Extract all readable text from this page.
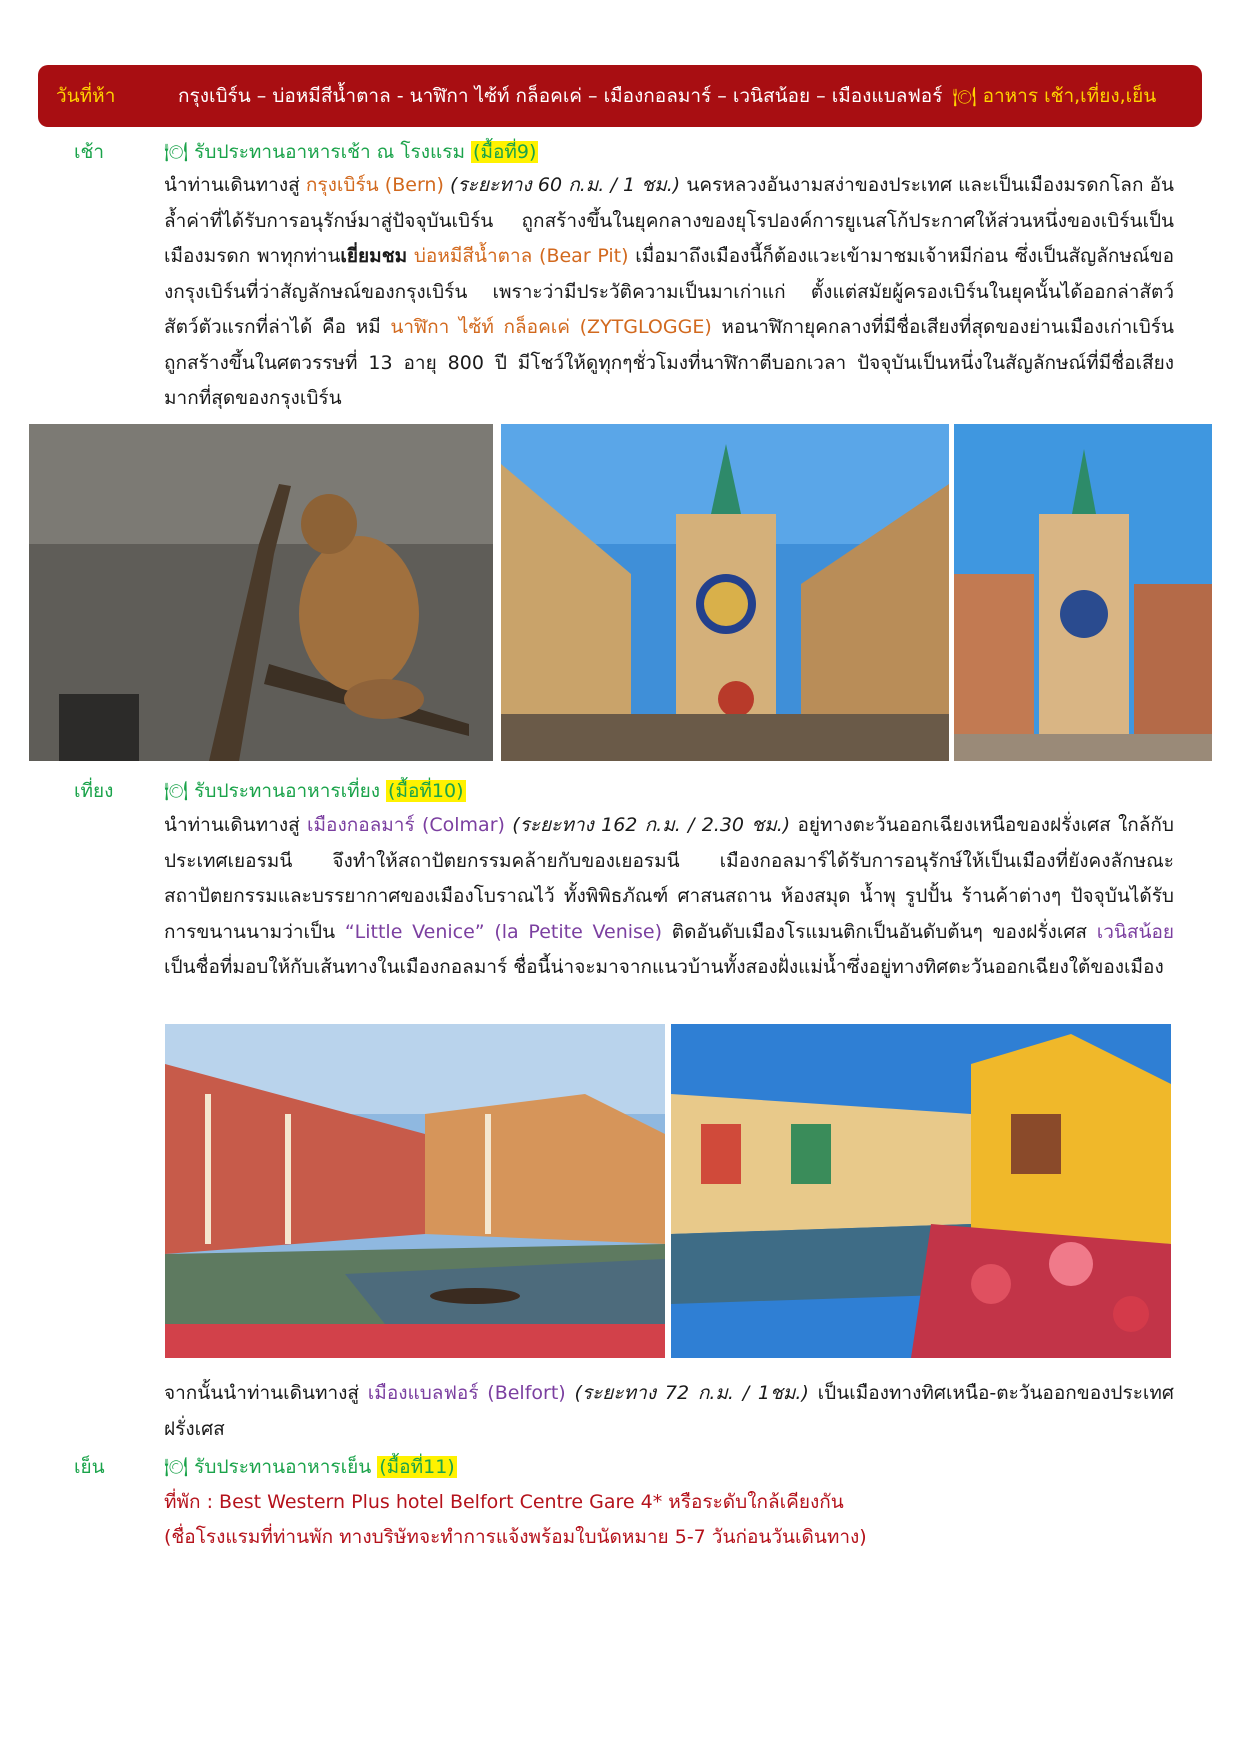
วันที่ห้า	กรุงเบิร์น – บ่อหมีสีน้ำตาล - นาฬิกา ไซ้ท์ กล็อคเค่ – เมืองกอลมาร์ – เวนิสน้อย – เมืองแบลฟอร์ 🍽 อาหาร เช้า,เที่ยง,เย็น
เช้า	🍽 รับประทานอาหารเช้า ณ โรงแรม (มื้อที่9)
นำท่านเดินทางสู่ กรุงเบิร์น (Bern) (ระยะทาง 60 ก.ม. / 1 ชม.) นครหลวงอันงามสง่าของประเทศ และเป็นเมืองมรดกโลก อันล้ำค่าที่ได้รับการอนุรักษ์มาสู่ปัจจุบันเบิร์น ถูกสร้างขึ้นในยุคกลางของยุโรปองค์การยูเนสโก้ประกาศให้ส่วนหนึ่งของเบิร์นเป็นเมืองมรดก พาทุกท่านเยี่ยมชม บ่อหมีสีน้ำตาล (Bear Pit) เมื่อมาถึงเมืองนี้ก็ต้องแวะเข้ามาชมเจ้าหมีก่อน ซึ่งเป็นสัญลักษณ์ของกรุงเบิร์นที่ว่าสัญลักษณ์ของกรุงเบิร์น เพราะว่ามีประวัติความเป็นมาเก่าแก่ ตั้งแต่สมัยผู้ครองเบิร์นในยุคนั้นได้ออกล่าสัตว์ สัตว์ตัวแรกที่ล่าได้ คือ หมี นาฬิกา ไซ้ท์ กล็อคเค่ (ZYTGLOGGE) หอนาฬิกายุคกลางที่มีชื่อเสียงที่สุดของย่านเมืองเก่าเบิร์น ถูกสร้างขึ้นในศตวรรษที่ 13 อายุ 800 ปี มีโชว์ให้ดูทุกๆชั่วโมงที่นาฬิกาตีบอกเวลา ปัจจุบันเป็นหนึ่งในสัญลักษณ์ที่มีชื่อเสียงมากที่สุดของกรุงเบิร์น
เที่ยง	🍽 รับประทานอาหารเที่ยง (มื้อที่10)
นำท่านเดินทางสู่ เมืองกอลมาร์ (Colmar) (ระยะทาง 162 ก.ม. / 2.30 ชม.) อยู่ทางตะวันออกเฉียงเหนือของฝรั่งเศส ใกล้กับประเทศเยอรมนี จึงทำให้สถาปัตยกรรมคล้ายกับของเยอรมนี เมืองกอลมาร์ได้รับการอนุรักษ์ให้เป็นเมืองที่ยังคงลักษณะสถาปัตยกรรมและบรรยากาศของเมืองโบราณไว้ ทั้งพิพิธภัณฑ์ ศาสนสถาน ห้องสมุด น้ำพุ รูปปั้น ร้านค้าต่างๆ ปัจจุบันได้รับการขนานนามว่าเป็น “Little Venice” (la Petite Venise) ติดอันดับเมืองโรแมนติกเป็นอันดับต้นๆ ของฝรั่งเศส เวนิสน้อย เป็นชื่อที่มอบให้กับเส้นทางในเมืองกอลมาร์ ชื่อนี้น่าจะมาจากแนวบ้านทั้งสองฝั่งแม่น้ำซึ่งอยู่ทางทิศตะวันออกเฉียงใต้ของเมือง
จากนั้นนำท่านเดินทางสู่ เมืองแบลฟอร์ (Belfort) (ระยะทาง 72 ก.ม. / 1ชม.) เป็นเมืองทางทิศเหนือ-ตะวันออกของประเทศฝรั่งเศส
เย็น	🍽 รับประทานอาหารเย็น (มื้อที่11)
ที่พัก : Best Western Plus hotel Belfort Centre Gare 4* หรือระดับใกล้เคียงกัน
(ชื่อโรงแรมที่ท่านพัก ทางบริษัทจะทำการแจ้งพร้อมใบนัดหมาย 5-7 วันก่อนวันเดินทาง)
